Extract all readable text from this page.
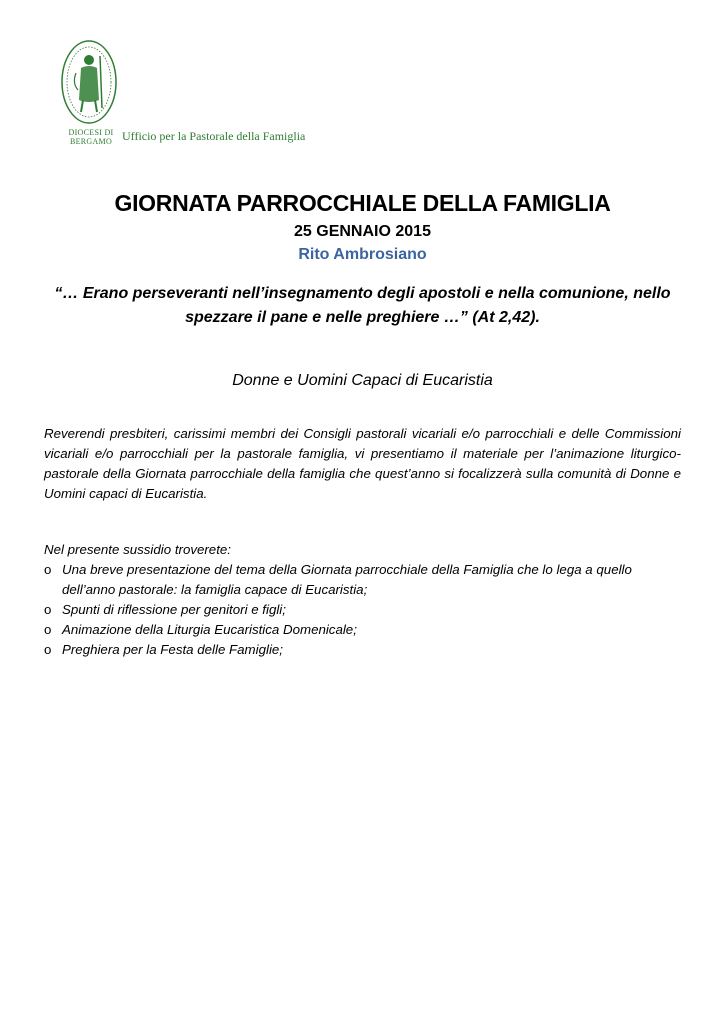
DIOCESI DI BERGAMO Ufficio per la Pastorale della Famiglia
GIORNATA PARROCCHIALE DELLA FAMIGLIA
25 GENNAIO 2015
Rito Ambrosiano
“… Erano perseveranti nell’insegnamento degli apostoli e nella comunione, nello spezzare il pane e nelle preghiere …” (At 2,42).
Donne e Uomini Capaci di Eucaristia
Reverendi presbiteri, carissimi membri dei Consigli pastorali vicariali e/o parrocchiali e delle Commissioni vicariali e/o parrocchiali per la pastorale famiglia, vi presentiamo il materiale per l’animazione liturgico-pastorale della Giornata parrocchiale della famiglia che quest’anno si focalizzerà sulla comunità di Donne e Uomini capaci di Eucaristia.
Nel presente sussidio troverete:
o Una breve presentazione del tema della Giornata parrocchiale della Famiglia che lo lega a quello dell’anno pastorale: la famiglia capace di Eucaristia;
o Spunti di riflessione per genitori e figli;
o Animazione della Liturgia Eucaristica Domenicale;
o Preghiera per la Festa delle Famiglie;
